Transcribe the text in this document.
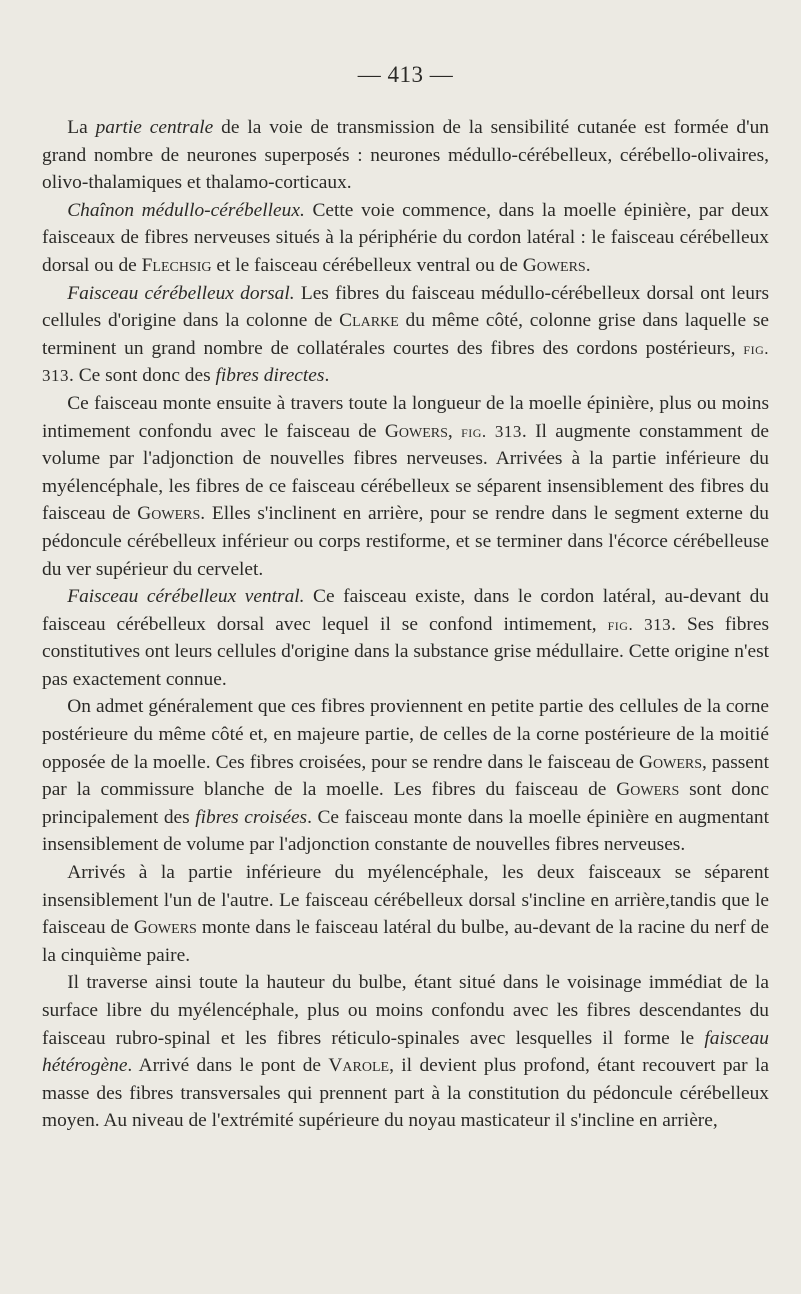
— 413 —

La partie centrale de la voie de transmission de la sensibilité cutanée est formée d'un grand nombre de neurones superposés : neurones médullo-cérébelleux, cérébello-olivaires, olivo-thalamiques et thalamo-corticaux.

Chaînon médullo-cérébelleux. Cette voie commence, dans la moelle épinière, par deux faisceaux de fibres nerveuses situés à la périphérie du cordon latéral : le faisceau cérébelleux dorsal ou de Flechsig et le faisceau cérébelleux ventral ou de Gowers.

Faisceau cérébelleux dorsal. Les fibres du faisceau médullo-cérébelleux dorsal ont leurs cellules d'origine dans la colonne de Clarke du même côté, colonne grise dans laquelle se terminent un grand nombre de collatérales courtes des fibres des cordons postérieurs, fig. 313. Ce sont donc des fibres directes.

Ce faisceau monte ensuite à travers toute la longueur de la moelle épinière, plus ou moins intimement confondu avec le faisceau de Gowers, fig. 313. Il augmente constamment de volume par l'adjonction de nouvelles fibres nerveuses. Arrivées à la partie inférieure du myélencéphale, les fibres de ce faisceau cérébelleux se séparent insensiblement des fibres du faisceau de Gowers. Elles s'inclinent en arrière, pour se rendre dans le segment externe du pédoncule cérébelleux inférieur ou corps restiforme, et se terminer dans l'écorce cérébelleuse du ver supérieur du cervelet.

Faisceau cérébelleux ventral. Ce faisceau existe, dans le cordon latéral, au-devant du faisceau cérébelleux dorsal avec lequel il se confond intimement, fig. 313. Ses fibres constitutives ont leurs cellules d'origine dans la substance grise médullaire. Cette origine n'est pas exactement connue.

On admet généralement que ces fibres proviennent en petite partie des cellules de la corne postérieure du même côté et, en majeure partie, de celles de la corne postérieure de la moitié opposée de la moelle. Ces fibres croisées, pour se rendre dans le faisceau de Gowers, passent par la commissure blanche de la moelle. Les fibres du faisceau de Gowers sont donc principalement des fibres croisées. Ce faisceau monte dans la moelle épinière en augmentant insensiblement de volume par l'adjonction constante de nouvelles fibres nerveuses.

Arrivés à la partie inférieure du myélencéphale, les deux faisceaux se séparent insensiblement l'un de l'autre. Le faisceau cérébelleux dorsal s'incline en arrière,tandis que le faisceau de Gowers monte dans le faisceau latéral du bulbe, au-devant de la racine du nerf de la cinquième paire.

Il traverse ainsi toute la hauteur du bulbe, étant situé dans le voisinage immédiat de la surface libre du myélencéphale, plus ou moins confondu avec les fibres descendantes du faisceau rubro-spinal et les fibres réticulo-spinales avec lesquelles il forme le faisceau hétérogène. Arrivé dans le pont de Varole, il devient plus profond, étant recouvert par la masse des fibres transversales qui prennent part à la constitution du pédoncule cérébelleux moyen. Au niveau de l'extrémité supérieure du noyau masticateur il s'incline en arrière,
